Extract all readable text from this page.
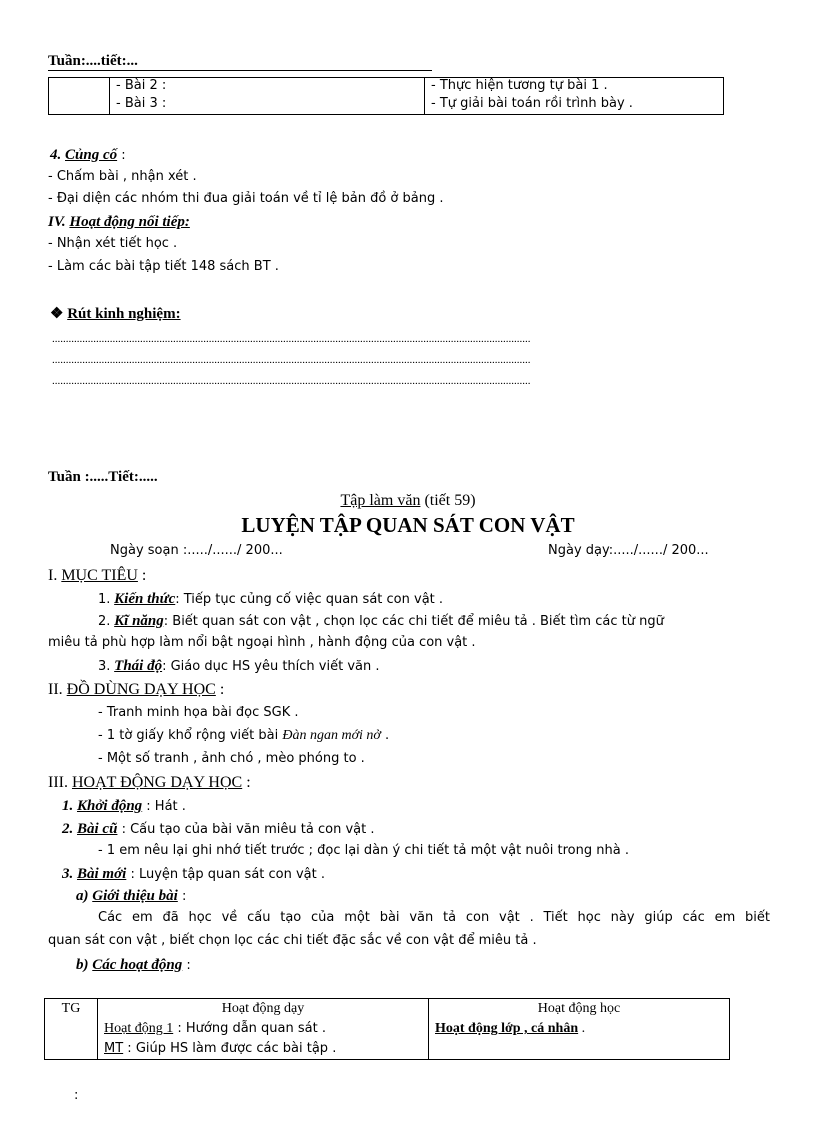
Tuần:....tiết:...
	- Bài 2 :	- Thực hiện tương tự bài 1 .
	- Bài 3 :	- Tự giải bài toán rồi trình bày .
4. Củng cố :
- Chấm bài , nhận xét .
- Đại diện các nhóm thi đua giải toán về tỉ lệ bản đồ ở bảng .
IV. Hoạt động nối tiếp:
- Nhận xét tiết học .
- Làm các bài tập tiết 148 sách BT .
❖ Rút kinh nghiệm:
..............................................................................................................................................................................
..............................................................................................................................................................................
..............................................................................................................................................................................
Tuần :.....Tiết:.....
Tập làm văn (tiết 59)
LUYỆN TẬP QUAN SÁT CON VẬT
Ngày soạn :...../....../ 200...	Ngày dạy:...../....../ 200...
I. MỤC TIÊU :
1. Kiến thức: Tiếp tục củng cố việc quan sát con vật .
2. Kĩ năng: Biết quan sát con vật , chọn lọc các chi tiết để miêu tả . Biết tìm các từ ngữ
miêu tả phù hợp làm nổi bật ngoại hình , hành động của con vật .
3. Thái độ: Giáo dục HS yêu thích viết văn .
II. ĐỒ DÙNG DẠY HỌC :
- Tranh minh họa bài đọc SGK .
- 1 tờ giấy khổ rộng viết bài Đàn ngan mới nở .
- Một số tranh , ảnh chó , mèo phóng to .
III. HOẠT ĐỘNG DẠY HỌC :
1. Khởi động : Hát .
2. Bài cũ : Cấu tạo của bài văn miêu tả con vật .
- 1 em nêu lại ghi nhớ tiết trước ; đọc lại dàn ý chi tiết tả một vật nuôi trong nhà .
3. Bài mới : Luyện tập quan sát con vật .
a) Giới thiệu bài :
Các em đã học về cấu tạo của một bài văn tả con vật . Tiết học này giúp các em biết
quan sát con vật , biết chọn lọc các chi tiết đặc sắc về con vật để miêu tả .
b) Các hoạt động :
TG	Hoạt động dạy	Hoạt động học
	Hoạt động 1 : Hướng dẫn quan sát .	Hoạt động lớp , cá nhân .
	MT : Giúp HS làm được các bài tập .	
:
